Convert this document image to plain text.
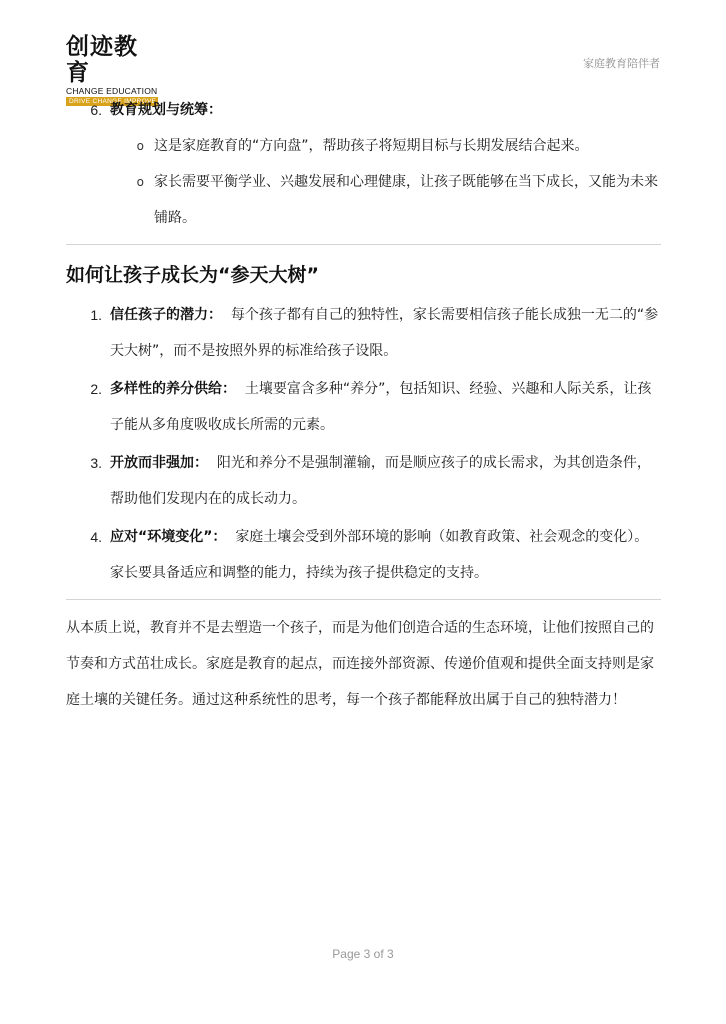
创迹教育
CHANGE EDUCATION
DRIVE CHANGE IMPROVE
家庭教育陪伴者
6. 教育规划与统筹：
o 这是家庭教育的“方向盘”，帮助孩子将短期目标与长期发展结合起来。
o 家长需要平衡学业、兴趣发展和心理健康，让孩子既能够在当下成长，又能为未来铺路。
如何让孩子成长为“参天大树”
1. 信任孩子的潜力： 每个孩子都有自己的独特性，家长需要相信孩子能长成独一无二的“参天大树”，而不是按照外界的标准给孩子设限。
2. 多样性的养分供给： 土壤要富含多种“养分”，包括知识、经验、兴趣和人际关系，让孩子能从多角度吸收成长所需的元素。
3. 开放而非强加： 阳光和养分不是强制灌输，而是顺应孩子的成长需求，为其创造条件，帮助他们发现内在的成长动力。
4. 应对“环境变化”： 家庭土壤会受到外部环境的影响（如教育政策、社会观念的变化）。家长要具备适应和调整的能力，持续为孩子提供稳定的支持。
从本质上说，教育并不是去塑造一个孩子，而是为他们创造合适的生态环境，让他们按照自己的节奏和方式茁壮成长。家庭是教育的起点，而连接外部资源、传递价值观和提供全面支持则是家庭土壤的关键任务。通过这种系统性的思考，每一个孩子都能释放出属于自己的独特潜力！
Page 3 of 3
